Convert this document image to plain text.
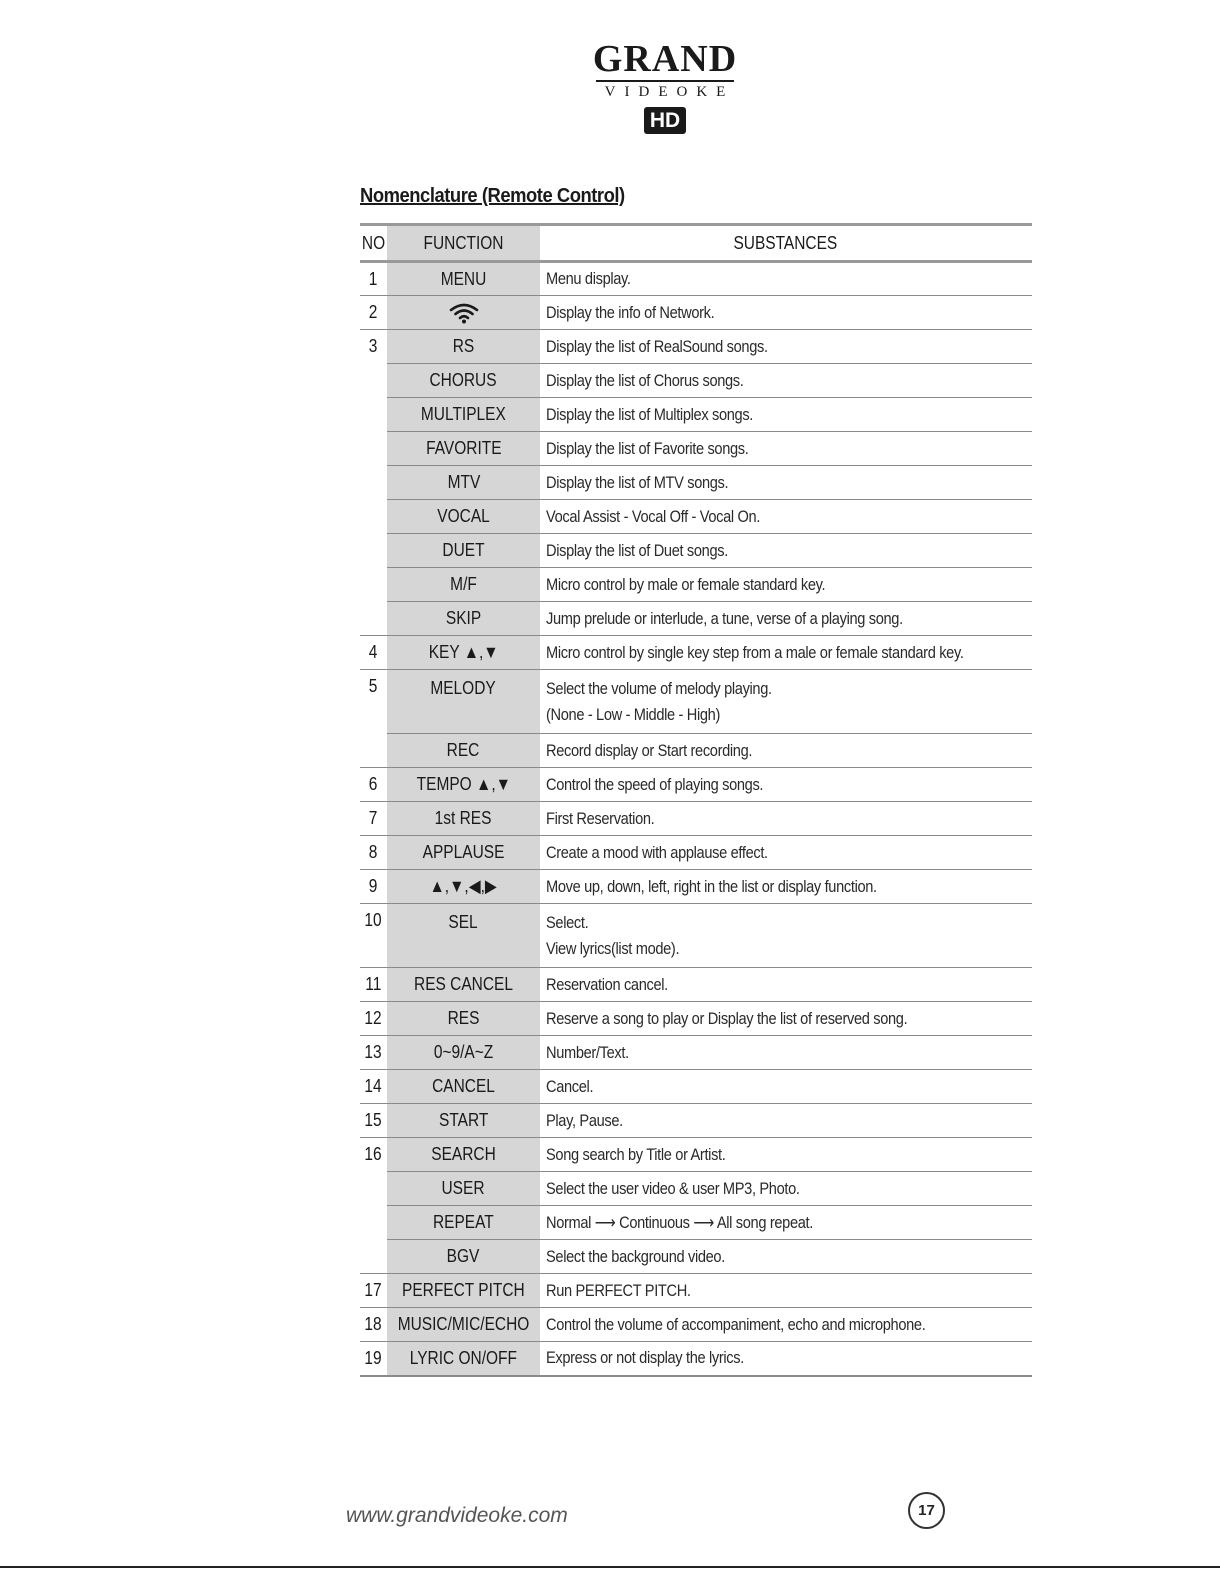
GRAND
VIDEOKE
HD
Nomenclature (Remote Control)
NO	FUNCTION	SUBSTANCES
1	MENU	Menu display.
2		Display the info of Network.
3	RS	Display the list of RealSound songs.
	CHORUS	Display the list of Chorus songs.
	MULTIPLEX	Display the list of Multiplex songs.
	FAVORITE	Display the list of Favorite songs.
	MTV	Display the list of MTV songs.
	VOCAL	Vocal Assist - Vocal Off - Vocal On.
	DUET	Display the list of Duet songs.
	M/F	Micro control by male or female standard key.
	SKIP	Jump prelude or interlude, a tune, verse of a playing song.
4	KEY ▲,▼	Micro control by single key step from a male or female standard key.
5	MELODY	Select the volume of melody playing.
(None - Low - Middle - High)
	REC	Record display or Start recording.
6	TEMPO ▲,▼	Control the speed of playing songs.
7	1st RES	First Reservation.
8	APPLAUSE	Create a mood with applause effect.
9	▲,▼,◀,▶	Move up, down, left, right in the list or display function.
10	SEL	Select.
View lyrics(list mode).
11	RES CANCEL	Reservation cancel.
12	RES	Reserve a song to play or Display the list of reserved song.
13	0~9/A~Z	Number/Text.
14	CANCEL	Cancel.
15	START	Play, Pause.
16	SEARCH	Song search by Title or Artist.
	USER	Select the user video & user MP3, Photo.
	REPEAT	Normal ⟶ Continuous ⟶ All song repeat.
	BGV	Select the background video.
17	PERFECT PITCH	Run PERFECT PITCH.
18	MUSIC/MIC/ECHO	Control the volume of accompaniment, echo and microphone.
19	LYRIC ON/OFF	Express or not display the lyrics.
www.grandvideoke.com	17
